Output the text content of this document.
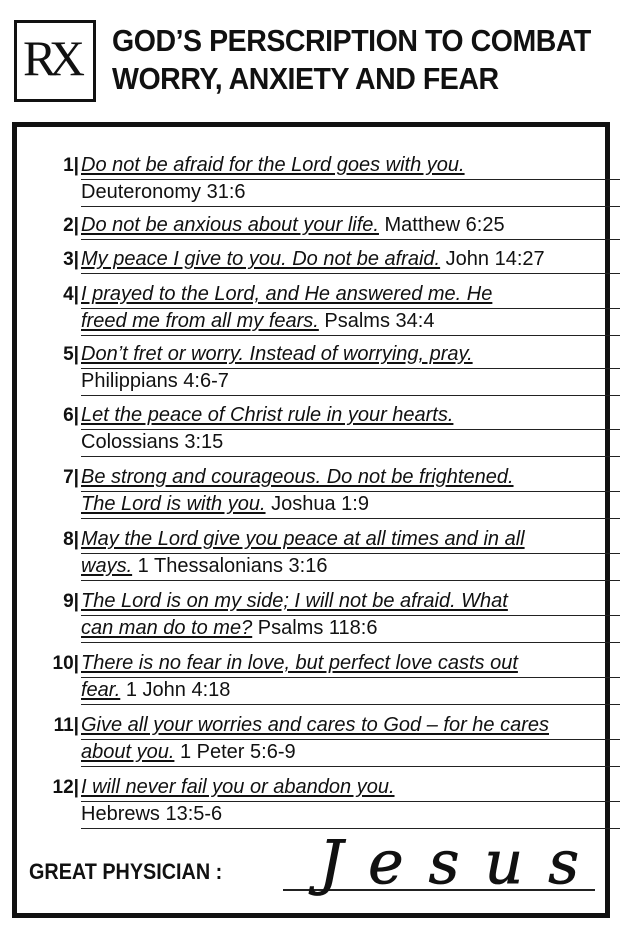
RX GOD’S PERSCRIPTION TO COMBAT
WORRY, ANXIETY AND FEAR
1| Do not be afraid for the Lord goes with you.
Deuteronomy 31:6
2| Do not be anxious about your life. Matthew 6:25
3| My peace I give to you. Do not be afraid. John 14:27
4| I prayed to the Lord, and He answered me. He
freed me from all my fears. Psalms 34:4
5| Don’t fret or worry. Instead of worrying, pray.
Philippians 4:6-7
6| Let the peace of Christ rule in your hearts.
Colossians 3:15
7| Be strong and courageous. Do not be frightened.
The Lord is with you. Joshua 1:9
8| May the Lord give you peace at all times and in all
ways. 1 Thessalonians 3:16
9| The Lord is on my side; I will not be afraid. What
can man do to me? Psalms 118:6
10| There is no fear in love, but perfect love casts out
fear. 1 John 4:18
11| Give all your worries and cares to God – for he cares
about you. 1 Peter 5:6-9
12| I will never fail you or abandon you.
Hebrews 13:5-6
GREAT PHYSICIAN : Jesus
